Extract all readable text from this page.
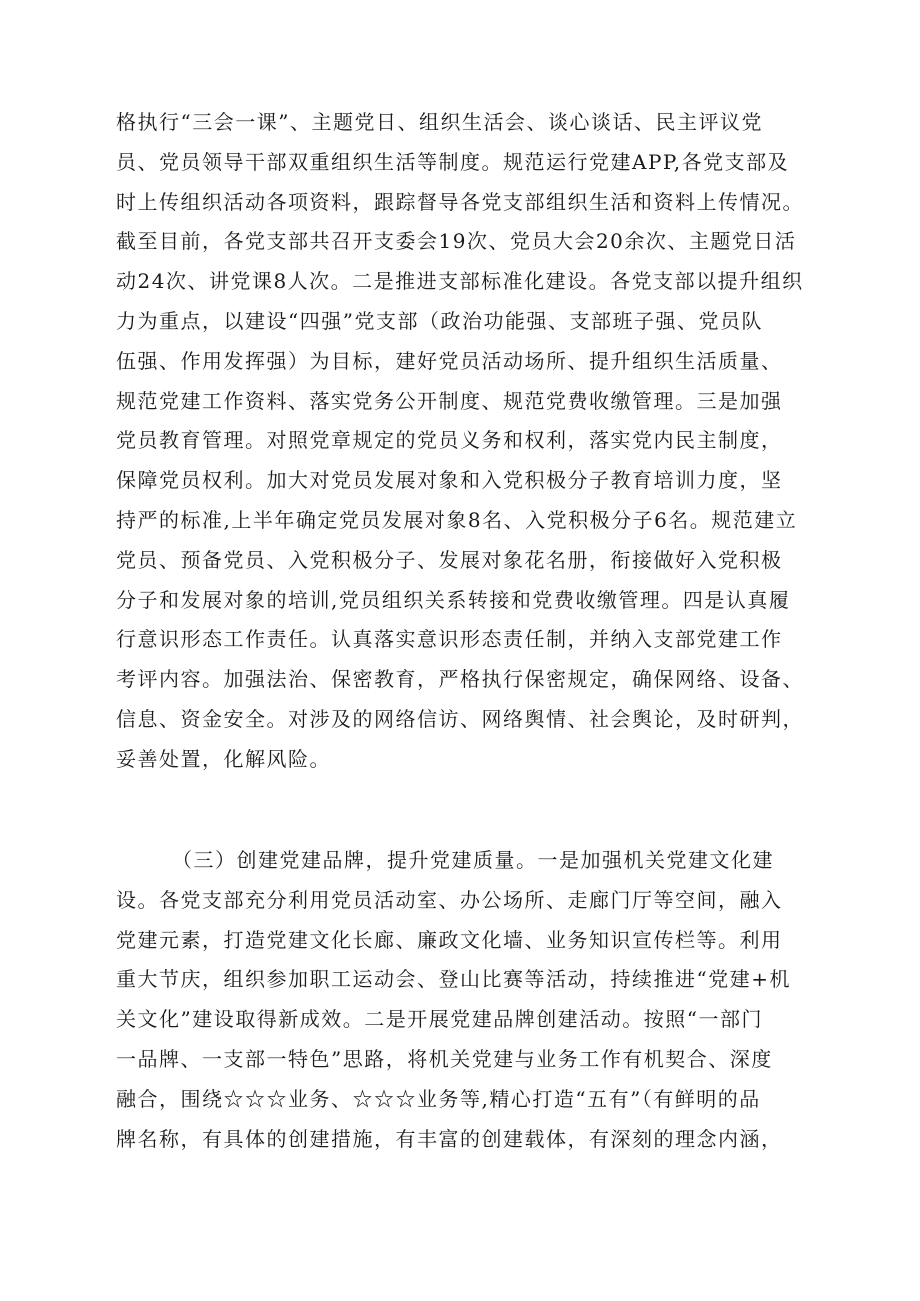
格执行“三会一课”、主题党日、组织生活会、谈心谈话、民主评议党
员、党员领导干部双重组织生活等制度。规范运行党建APP,各党支部及
时上传组织活动各项资料，跟踪督导各党支部组织生活和资料上传情况。
截至目前，各党支部共召开支委会19次、党员大会20余次、主题党日活
动24次、讲党课8人次。二是推进支部标准化建设。各党支部以提升组织
力为重点，以建设“四强”党支部（政治功能强、支部班子强、党员队
伍强、作用发挥强）为目标，建好党员活动场所、提升组织生活质量、
规范党建工作资料、落实党务公开制度、规范党费收缴管理。三是加强
党员教育管理。对照党章规定的党员义务和权利，落实党内民主制度，
保障党员权利。加大对党员发展对象和入党积极分子教育培训力度，坚
持严的标准,上半年确定党员发展对象8名、入党积极分子6名。规范建立
党员、预备党员、入党积极分子、发展对象花名册，衔接做好入党积极
分子和发展对象的培训,党员组织关系转接和党费收缴管理。四是认真履
行意识形态工作责任。认真落实意识形态责任制，并纳入支部党建工作
考评内容。加强法治、保密教育，严格执行保密规定，确保网络、设备、
信息、资金安全。对涉及的网络信访、网络舆情、社会舆论，及时研判，
妥善处置，化解风险。
（三）创建党建品牌，提升党建质量。一是加强机关党建文化建
设。各党支部充分利用党员活动室、办公场所、走廊门厅等空间，融入
党建元素，打造党建文化长廊、廉政文化墙、业务知识宣传栏等。利用
重大节庆，组织参加职工运动会、登山比赛等活动，持续推进“党建+机
关文化”建设取得新成效。二是开展党建品牌创建活动。按照“一部门
一品牌、一支部一特色”思路，将机关党建与业务工作有机契合、深度
融合，围绕☆☆☆业务、☆☆☆业务等,精心打造“五有”（有鲜明的品
牌名称，有具体的创建措施，有丰富的创建载体，有深刻的理念内涵，
